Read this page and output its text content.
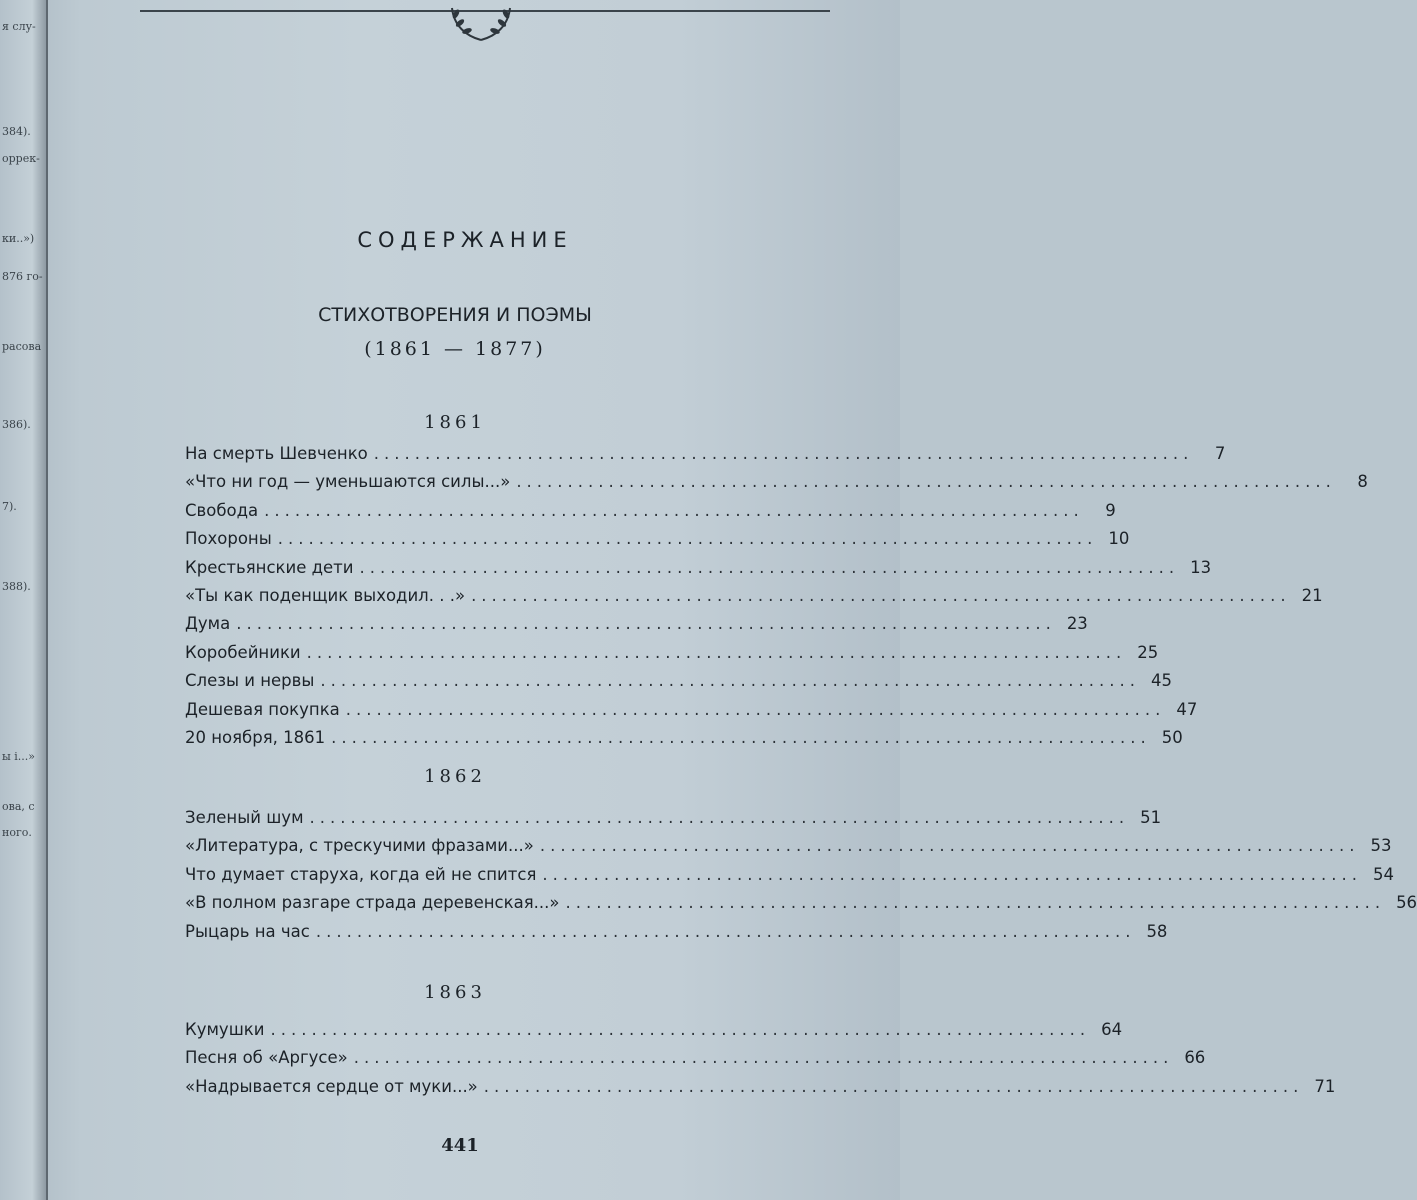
я слу-
384).
оррек-
ки..»)
876 го-
расова
386).
7).
388).
ы і...»
ова, с
ного.
СОДЕРЖАНИЕ
СТИХОТВОРЕНИЯ И ПОЭМЫ
(1861 — 1877)
1861
На смерть Шевченко ................................................................................	7
«Что ни год — уменьшаются силы...» ................................................................................	8
Свобода ................................................................................	9
Похороны ................................................................................ 10
Крестьянские дети ................................................................................ 13
«Ты как поденщик выходил. . .» ................................................................................ 21
Дума ................................................................................ 23
Коробейники ................................................................................ 25
Слезы и нервы ................................................................................ 45
Дешевая покупка ................................................................................ 47
20 ноября, 1861 ................................................................................ 50
1862
Зеленый шум ................................................................................ 51
«Литература, с трескучими фразами...» ................................................................................ 53
Что думает старуха, когда ей не спится ................................................................................ 54
«В полном разгаре страда деревенская...» ................................................................................ 56
Рыцарь на час ................................................................................ 58
1863
Кумушки ................................................................................ 64
Песня об «Аргусе» ................................................................................ 66
«Надрывается сердце от муки...» ................................................................................ 71
441
